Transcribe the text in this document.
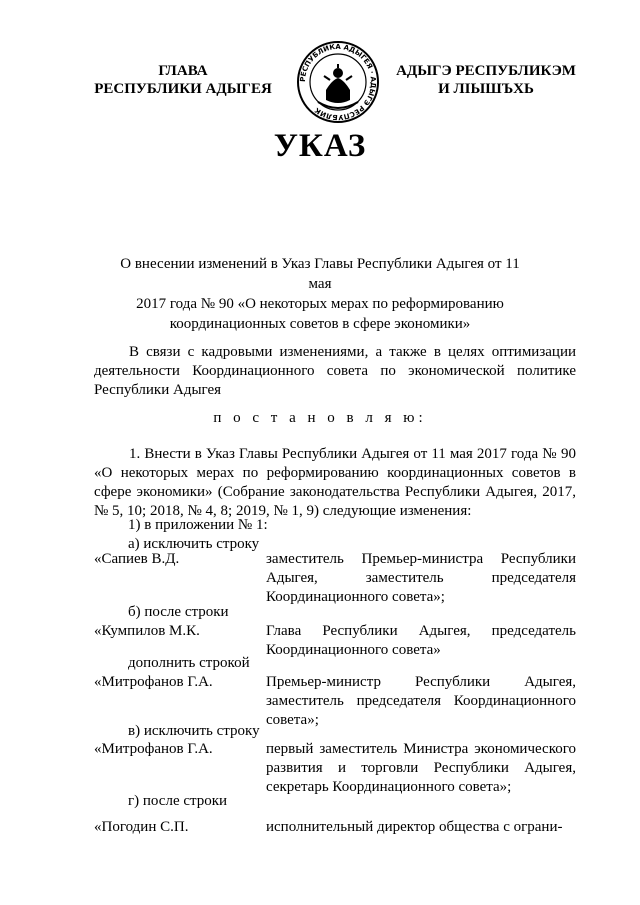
ГЛАВА
РЕСПУБЛИКИ АДЫГЕЯ
РЕСПУБЛИКА АДЫГЕЯ · АДЫГЭ РЕСПУБЛИК
АДЫГЭ РЕСПУБЛИКЭМ
И ЛІЫШЪХЬ
УКАЗ
О внесении изменений в Указ Главы Республики Адыгея от 11 мая
2017 года № 90 «О некоторых мерах по реформированию
координационных советов в сфере экономики»
В связи с кадровыми изменениями, а также в целях оптимизации деятельности Координационного совета по экономической политике Республики Адыгея
п о с т а н о в л я ю:
1. Внести в Указ Главы Республики Адыгея от 11 мая 2017 года № 90 «О некоторых мерах по реформированию координационных советов в сфере экономики» (Собрание законодательства Республики Адыгея, 2017, № 5, 10; 2018, № 4, 8; 2019, № 1, 9) следующие изменения:
1) в приложении № 1:
а) исключить строку
«Сапиев В.Д.	заместитель Премьер-министра Республики Адыгея, заместитель председателя Координационного совета»;
б) после строки
«Кумпилов М.К.	Глава Республики Адыгея, председатель Координационного совета»
дополнить строкой
«Митрофанов Г.А.	Премьер-министр Республики Адыгея, заместитель председателя Координационного совета»;
в) исключить строку
«Митрофанов Г.А.	первый заместитель Министра экономического развития и торговли Республики Адыгея, секретарь Координационного совета»;
г) после строки
«Погодин С.П.	исполнительный директор общества с ограни-
